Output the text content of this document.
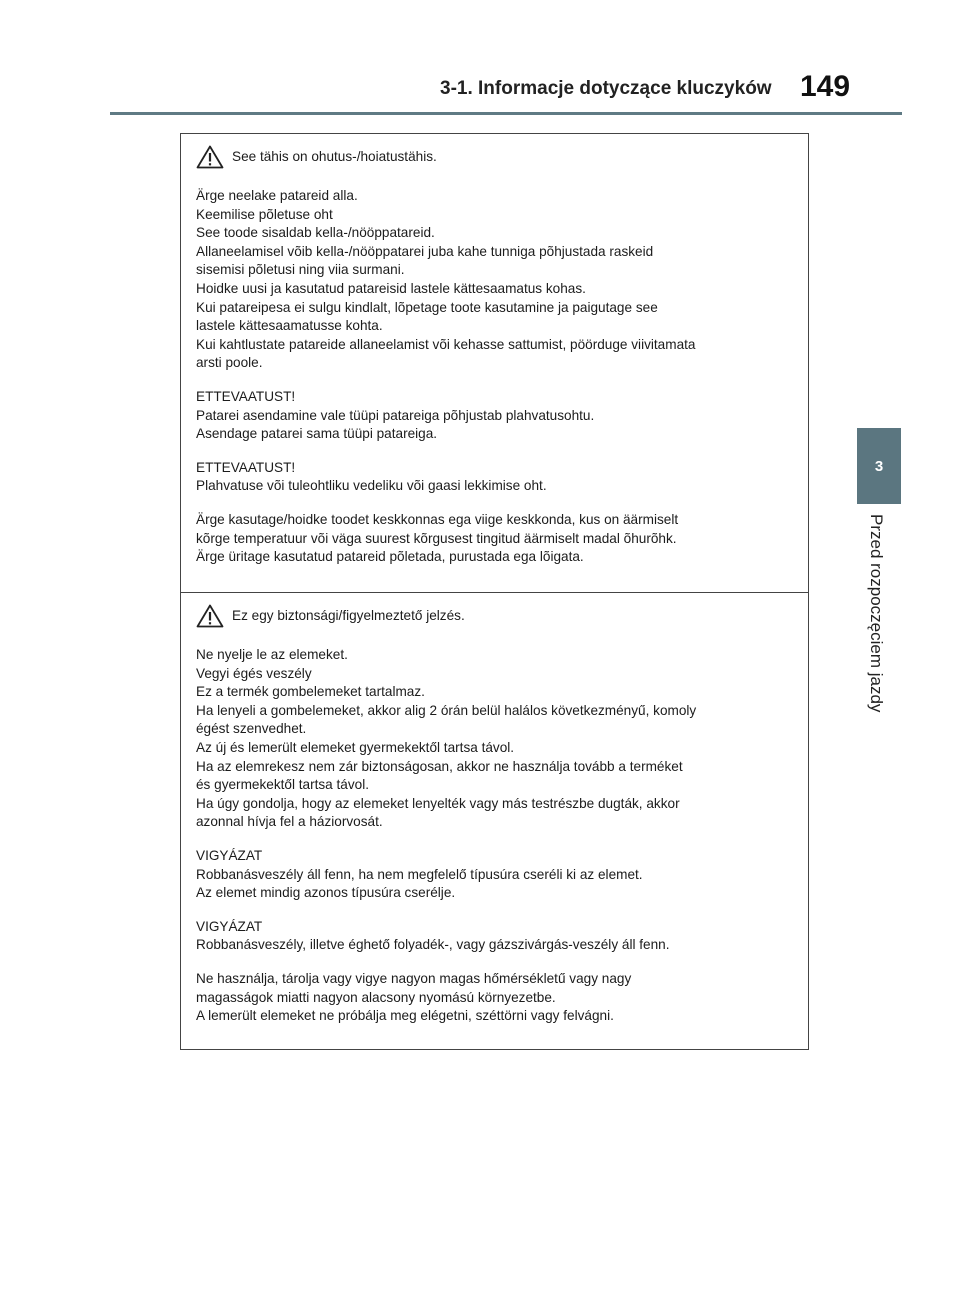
3-1. Informacje dotyczące kluczyków 149
3
Przed rozpoczęciem jazdy
See tähis on ohutus-/hoiatustähis.
Ärge neelake patareid alla.
Keemilise põletuse oht
See toode sisaldab kella-/nööppatareid.
Allaneelamisel võib kella-/nööppatarei juba kahe tunniga põhjustada raskeid
sisemisi põletusi ning viia surmani.
Hoidke uusi ja kasutatud patareisid lastele kättesaamatus kohas.
Kui patareipesa ei sulgu kindlalt, lõpetage toote kasutamine ja paigutage see
lastele kättesaamatusse kohta.
Kui kahtlustate patareide allaneelamist või kehasse sattumist, pöörduge viivitamata
arsti poole.
ETTEVAATUST!
Patarei asendamine vale tüüpi patareiga põhjustab plahvatusohtu.
Asendage patarei sama tüüpi patareiga.
ETTEVAATUST!
Plahvatuse või tuleohtliku vedeliku või gaasi lekkimise oht.
Ärge kasutage/hoidke toodet keskkonnas ega viige keskkonda, kus on äärmiselt
kõrge temperatuur või väga suurest kõrgusest tingitud äärmiselt madal õhurõhk.
Ärge üritage kasutatud patareid põletada, purustada ega lõigata.
Ez egy biztonsági/figyelmeztető jelzés.
Ne nyelje le az elemeket.
Vegyi égés veszély
Ez a termék gombelemeket tartalmaz.
Ha lenyeli a gombelemeket, akkor alig 2 órán belül halálos következményű, komoly
égést szenvedhet.
Az új és lemerült elemeket gyermekektől tartsa távol.
Ha az elemrekesz nem zár biztonságosan, akkor ne használja tovább a terméket
és gyermekektől tartsa távol.
Ha úgy gondolja, hogy az elemeket lenyelték vagy más testrészbe dugták, akkor
azonnal hívja fel a háziorvosát.
VIGYÁZAT
Robbanásveszély áll fenn, ha nem megfelelő típusúra cseréli ki az elemet.
Az elemet mindig azonos típusúra cserélje.
VIGYÁZAT
Robbanásveszély, illetve éghető folyadék-, vagy gázszivárgás-veszély áll fenn.
Ne használja, tárolja vagy vigye nagyon magas hőmérsékletű vagy nagy
magasságok miatti nagyon alacsony nyomású környezetbe.
A lemerült elemeket ne próbálja meg elégetni, széttörni vagy felvágni.
